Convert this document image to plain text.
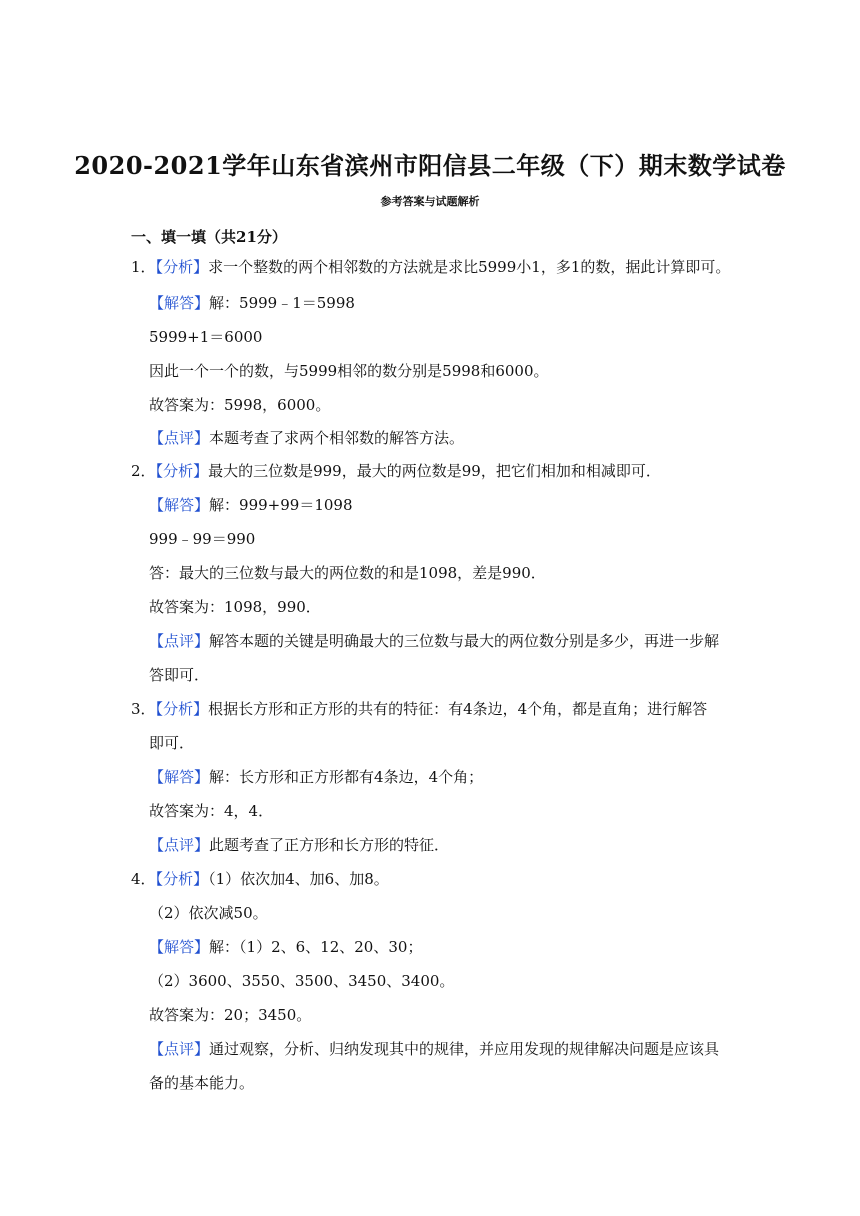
2020-2021学年山东省滨州市阳信县二年级（下）期末数学试卷
参考答案与试题解析
一、填一填（共21分）
1．【分析】求一个整数的两个相邻数的方法就是求比5999小1，多1的数，据此计算即可。
【解答】解：5999﹣1＝5998
5999+1＝6000
因此一个一个的数，与5999相邻的数分别是5998和6000。
故答案为：5998，6000。
【点评】本题考查了求两个相邻数的解答方法。
2．【分析】最大的三位数是999，最大的两位数是99，把它们相加和相减即可．
【解答】解：999+99＝1098
999﹣99＝990
答：最大的三位数与最大的两位数的和是1098，差是990．
故答案为：1098，990．
【点评】解答本题的关键是明确最大的三位数与最大的两位数分别是多少，再进一步解
答即可．
3．【分析】根据长方形和正方形的共有的特征：有4条边，4个角，都是直角；进行解答
即可．
【解答】解：长方形和正方形都有4条边，4个角；
故答案为：4，4．
【点评】此题考查了正方形和长方形的特征．
4．【分析】（1）依次加4、加6、加8。
（2）依次减50。
【解答】解：（1）2、6、12、20、30；
（2）3600、3550、3500、3450、3400。
故答案为：20；3450。
【点评】通过观察，分析、归纳发现其中的规律，并应用发现的规律解决问题是应该具
备的基本能力。
